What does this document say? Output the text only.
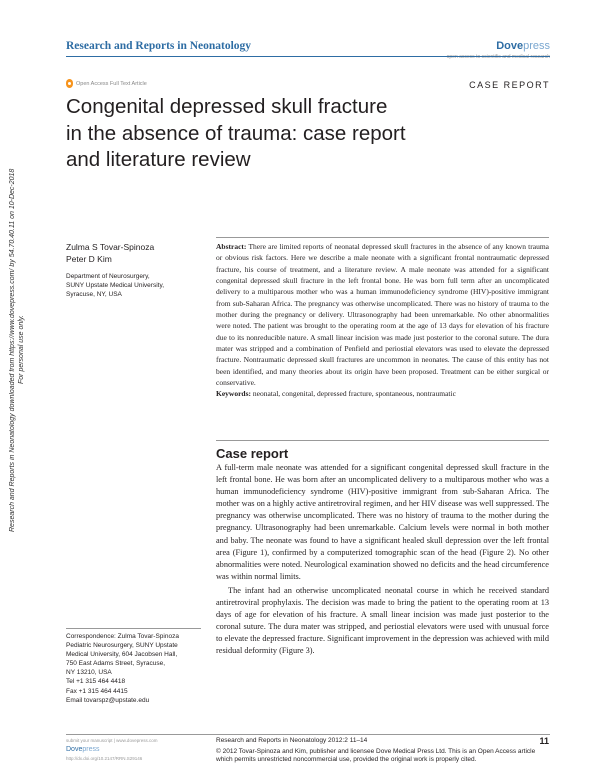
Research and Reports in Neonatology downloaded from https://www.dovepress.com/ by 54.70.40.11 on 10-Dec-2018 For personal use only.
Research and Reports in Neonatology	Dovepress
open access to scientific and medical research
Open Access Full Text Article	CASE REPORT
Congenital depressed skull fracture
in the absence of trauma: case report
and literature review
Zulma S Tovar-Spinoza
Peter D Kim
Department of Neurosurgery,
SUNY Upstate Medical University,
Syracuse, NY, USA
Abstract: There are limited reports of neonatal depressed skull fractures in the absence of any known trauma or obvious risk factors. Here we describe a male neonate with a significant frontal nontraumatic depressed fracture, his course of treatment, and a literature review. A male neonate was attended for a significant congenital depressed skull fracture in the left frontal bone. He was born full term after an uncomplicated delivery to a multiparous mother who was a human immunodeficiency syndrome (HIV)-positive immigrant from sub-Saharan Africa. The pregnancy was otherwise uncomplicated. There was no history of trauma to the mother during the pregnancy or delivery. Ultrasonography had been unremarkable. No other abnormalities were noted. The patient was brought to the operating room at the age of 13 days for elevation of his fracture due to its nonreducible nature. A small linear incision was made just posterior to the coronal suture. The dura mater was stripped and a combination of Penfield and periostial elevators was used to elevate the depressed fracture. Nontraumatic depressed skull fractures are uncommon in neonates. The cause of this entity has not been identified, and many theories about its origin have been proposed. Treatment can be either surgical or conservative.
Keywords: neonatal, congenital, depressed fracture, spontaneous, nontraumatic
Case report

A full-term male neonate was attended for a significant congenital depressed skull fracture in the left frontal bone. He was born after an uncomplicated delivery to a multiparous mother who was a human immunodeficiency syndrome (HIV)-positive immigrant from sub-Saharan Africa. The mother was on a highly active antiretroviral regimen, and her HIV disease was well suppressed. The pregnancy was otherwise uncomplicated. There was no history of trauma to the mother during the pregnancy. Ultrasonography had been unremarkable. Calcium levels were normal in both mother and baby. The neonate was found to have a significant healed skull depression over the left frontal area (Figure 1), confirmed by a computerized tomographic scan of the head (Figure 2). No other abnormalities were noted. Neurological examination showed no deficits and the head circumference was within normal limits.

The infant had an otherwise uncomplicated neonatal course in which he received standard antiretroviral prophylaxis. The decision was made to bring the patient to the operating room at 13 days of age for elevation of his fracture. A small linear incision was made just posterior to the coronal suture. The dura mater was stripped, and periostial elevators were used with unusual force to elevate the depressed fracture. Significant improvement in the depression was achieved with mild residual deformity (Figure 3).

Correspondence: Zulma Tovar-Spinoza
Pediatric Neurosurgery, SUNY Upstate
Medical University, 604 Jacobsen Hall,
750 East Adams Street, Syracuse,
NY 13210, USA
Tel +1 315 464 4418
Fax +1 315 464 4415
Email tovarspz@upstate.edu
submit your manuscript | www.dovepress.com
Dovepress
http://dx.doi.org/10.2147/RRN.S29146
Research and Reports in Neonatology 2012:2 11–14	11
© 2012 Tovar-Spinoza and Kim, publisher and licensee Dove Medical Press Ltd. This is an Open Access article which permits unrestricted noncommercial use, provided the original work is properly cited.
